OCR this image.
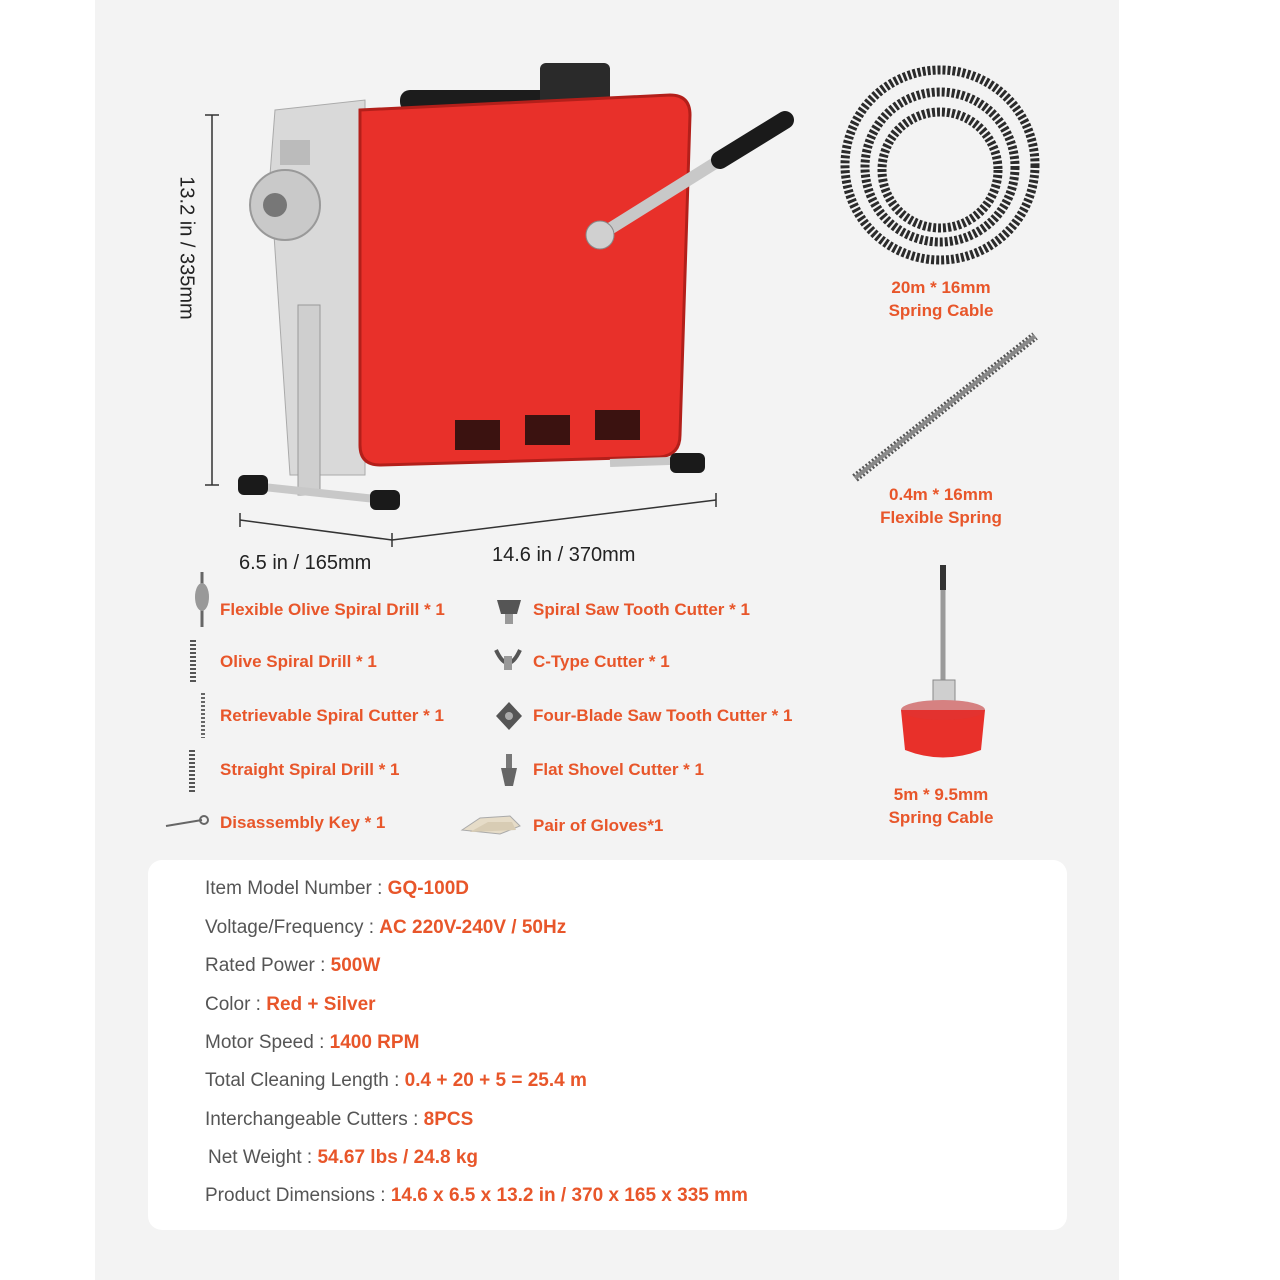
13.2 in / 335mm
6.5 in / 165mm	14.6 in / 370mm
20m * 16mm
Spring Cable
0.4m * 16mm
Flexible Spring
5m * 9.5mm
Spring Cable
Flexible Olive Spiral Drill * 1
Olive Spiral Drill * 1
Retrievable Spiral Cutter * 1
Straight Spiral Drill * 1
Disassembly Key * 1
Spiral Saw Tooth Cutter * 1
C-Type Cutter * 1
Four-Blade Saw Tooth Cutter * 1
Flat Shovel Cutter * 1
Pair of Gloves*1
Item Model Number : GQ-100D
Voltage/Frequency : AC 220V-240V / 50Hz
Rated Power : 500W
Color : Red + Silver
Motor Speed : 1400 RPM
Total Cleaning Length : 0.4 + 20 + 5 = 25.4 m
Interchangeable Cutters : 8PCS
Net Weight : 54.67 lbs / 24.8 kg
Product Dimensions : 14.6 x 6.5 x 13.2 in / 370 x 165 x 335 mm
